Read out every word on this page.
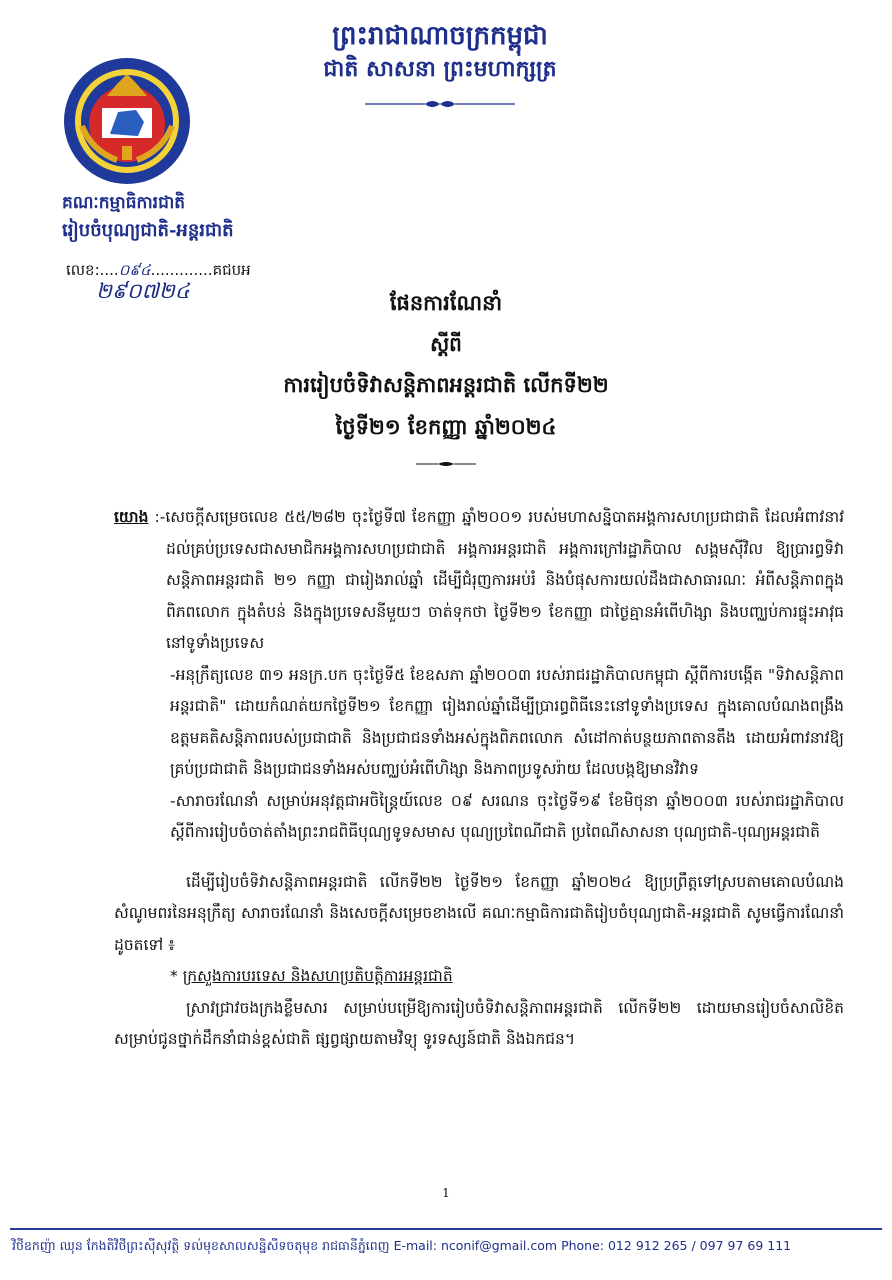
ព្រះរាជាណាចក្រកម្ពុជា
ជាតិ សាសនា ព្រះមហាក្សត្រ
គណៈកម្មាធិការជាតិ
រៀបចំបុណ្យជាតិ-អន្តរជាតិ
លេខ:....០៩៤.............គជបអ
២៩០៧២៤	ផែនការណែនាំ
ស្ដីពី
ការរៀបចំទិវាសន្តិភាពអន្តរជាតិ លើកទី២២
ថ្ងៃទី២១ ខែកញ្ញា ឆ្នាំ២០២៤

យោង :-សេចក្ដីសម្រេចលេខ ៥៥/២៨២ ចុះថ្ងៃទី៧ ខែកញ្ញា ឆ្នាំ២០០១ របស់មហាសន្និបាតអង្គការសហប្រជាជាតិ ដែលអំពាវនាវដល់គ្រប់ប្រទេសជាសមាជិកអង្គការសហប្រជាជាតិ អង្គការអន្តរជាតិ អង្គការក្រៅរដ្ឋាភិបាល សង្គមស៊ីវិល ឱ្យប្រារព្ធទិវាសន្តិភាពអន្តរជាតិ ២១ កញ្ញា ជារៀងរាល់ឆ្នាំ ដើម្បីជំរុញការអប់រំ និងបំផុសការយល់ដឹងជាសាធារណៈ អំពីសន្តិភាពក្នុងពិភពលោក ក្នុងតំបន់ និងក្នុងប្រទេសនីមួយៗ ចាត់ទុកថា ថ្ងៃទី២១ ខែកញ្ញា ជាថ្ងៃគ្មានអំពើហិង្សា និងបញ្ឈប់ការផ្ទុះអាវុធនៅទូទាំងប្រទេស

-អនុក្រឹត្យលេខ ៣១ អនក្រ.បក ចុះថ្ងៃទី៥ ខែឧសភា ឆ្នាំ២០០៣ របស់រាជរដ្ឋាភិបាលកម្ពុជា ស្ដីពីការបង្កើត "ទិវាសន្តិភាពអន្តរជាតិ" ដោយកំណត់យកថ្ងៃទី២១ ខែកញ្ញា រៀងរាល់ឆ្នាំដើម្បីប្រារព្ធពិធីនេះនៅទូទាំងប្រទេស ក្នុងគោលបំណងពង្រឹងឧត្ដមគតិសន្តិភាពរបស់ប្រជាជាតិ និងប្រជាជនទាំងអស់ក្នុងពិភពលោក សំដៅកាត់បន្ថយភាពតានតឹង ដោយអំពាវនាវឱ្យគ្រប់ប្រជាជាតិ និងប្រជាជនទាំងអស់បញ្ឈប់អំពើហិង្សា និងភាពប្រទូសរ៉ាយ ដែលបង្កឱ្យមានវិវាទ

-សារាចរណែនាំ សម្រាប់អនុវត្តជាអចិន្ត្រៃយ៍លេខ ០៩ សរណន ចុះថ្ងៃទី១៩ ខែមិថុនា ឆ្នាំ២០០៣ របស់រាជរដ្ឋាភិបាល ស្ដីពីការរៀបចំចាត់តាំងព្រះរាជពិធីបុណ្យទូទសមាស បុណ្យប្រពៃណីជាតិ ប្រពៃណីសាសនា បុណ្យជាតិ-បុណ្យអន្តរជាតិ

ដើម្បីរៀបចំទិវាសន្តិភាពអន្តរជាតិ លើកទី២២ ថ្ងៃទី២១ ខែកញ្ញា ឆ្នាំ២០២៤ ឱ្យប្រព្រឹត្តទៅស្របតាមគោលបំណង សំណូមពរនៃអនុក្រឹត្យ សារាចរណែនាំ និងសេចក្ដីសម្រេចខាងលើ គណៈកម្មាធិការជាតិរៀបចំបុណ្យជាតិ-អន្តរជាតិ សូមធ្វើការណែនាំដូចតទៅ ៖

* ក្រសួងការបរទេស និងសហប្រតិបត្តិការអន្តរជាតិ

ស្រាវជ្រាវចងក្រងខ្លឹមសារ សម្រាប់បម្រើឱ្យការរៀបចំទិវាសន្តិភាពអន្តរជាតិ លើកទី២២ ដោយមានរៀបចំសាលិខិតសម្រាប់ជូនថ្នាក់ដឹកនាំជាន់ខ្ពស់ជាតិ ផ្សព្វផ្សាយតាមវិទ្យុ ទូរទស្សន៍ជាតិ និងឯកជន។

1
វិថីឧកញ៉ា ឈុន កែងតិវិថីព្រះស៊ីសុវត្ថិ ទល់មុខសាលសន្និសីទចតុមុខ រាជធានីភ្នំពេញ E-mail: nconif@gmail.com Phone: 012 912 265 / 097 97 69 111
